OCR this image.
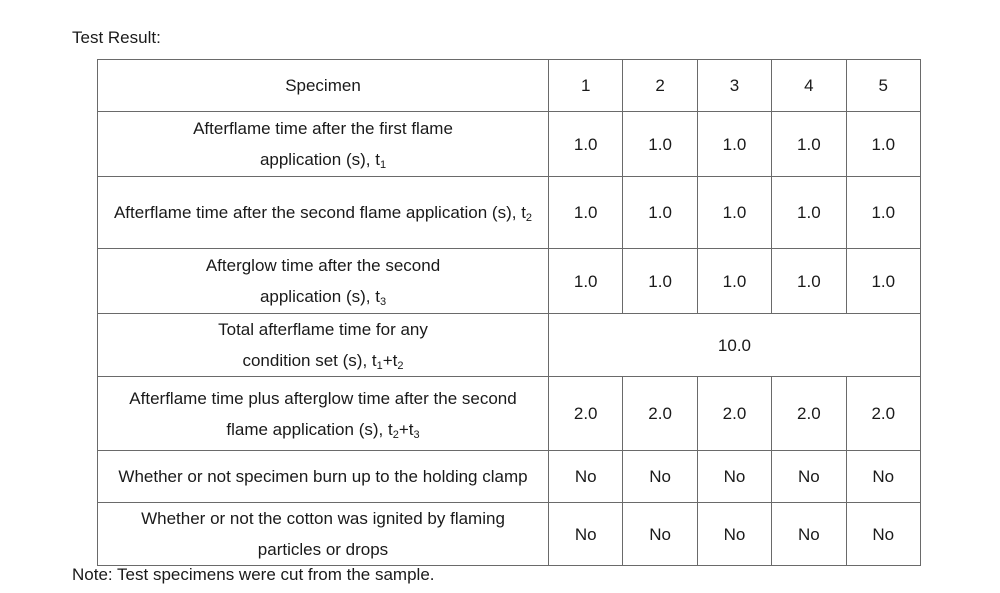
Test Result:
Specimen	1	2	3	4	5
Afterflame time after the first flame application (s), $t_1$	1.0	1.0	1.0	1.0	1.0
Afterflame time after the second flame application (s), $t_2$	1.0	1.0	1.0	1.0	1.0
Afterglow time after the second application (s), $t_3$	1.0	1.0	1.0	1.0	1.0
Total afterflame time for any condition set (s), $t_1+t_2$	10.0				
Afterflame time plus afterglow time after the second flame application (s), $t_2+t_3$	2.0	2.0	2.0	2.0	2.0
Whether or not specimen burn up to the holding clamp	No	No	No	No	No
Whether or not the cotton was ignited by flaming particles or drops	No	No	No	No	No
Note: Test specimens were cut from the sample.
